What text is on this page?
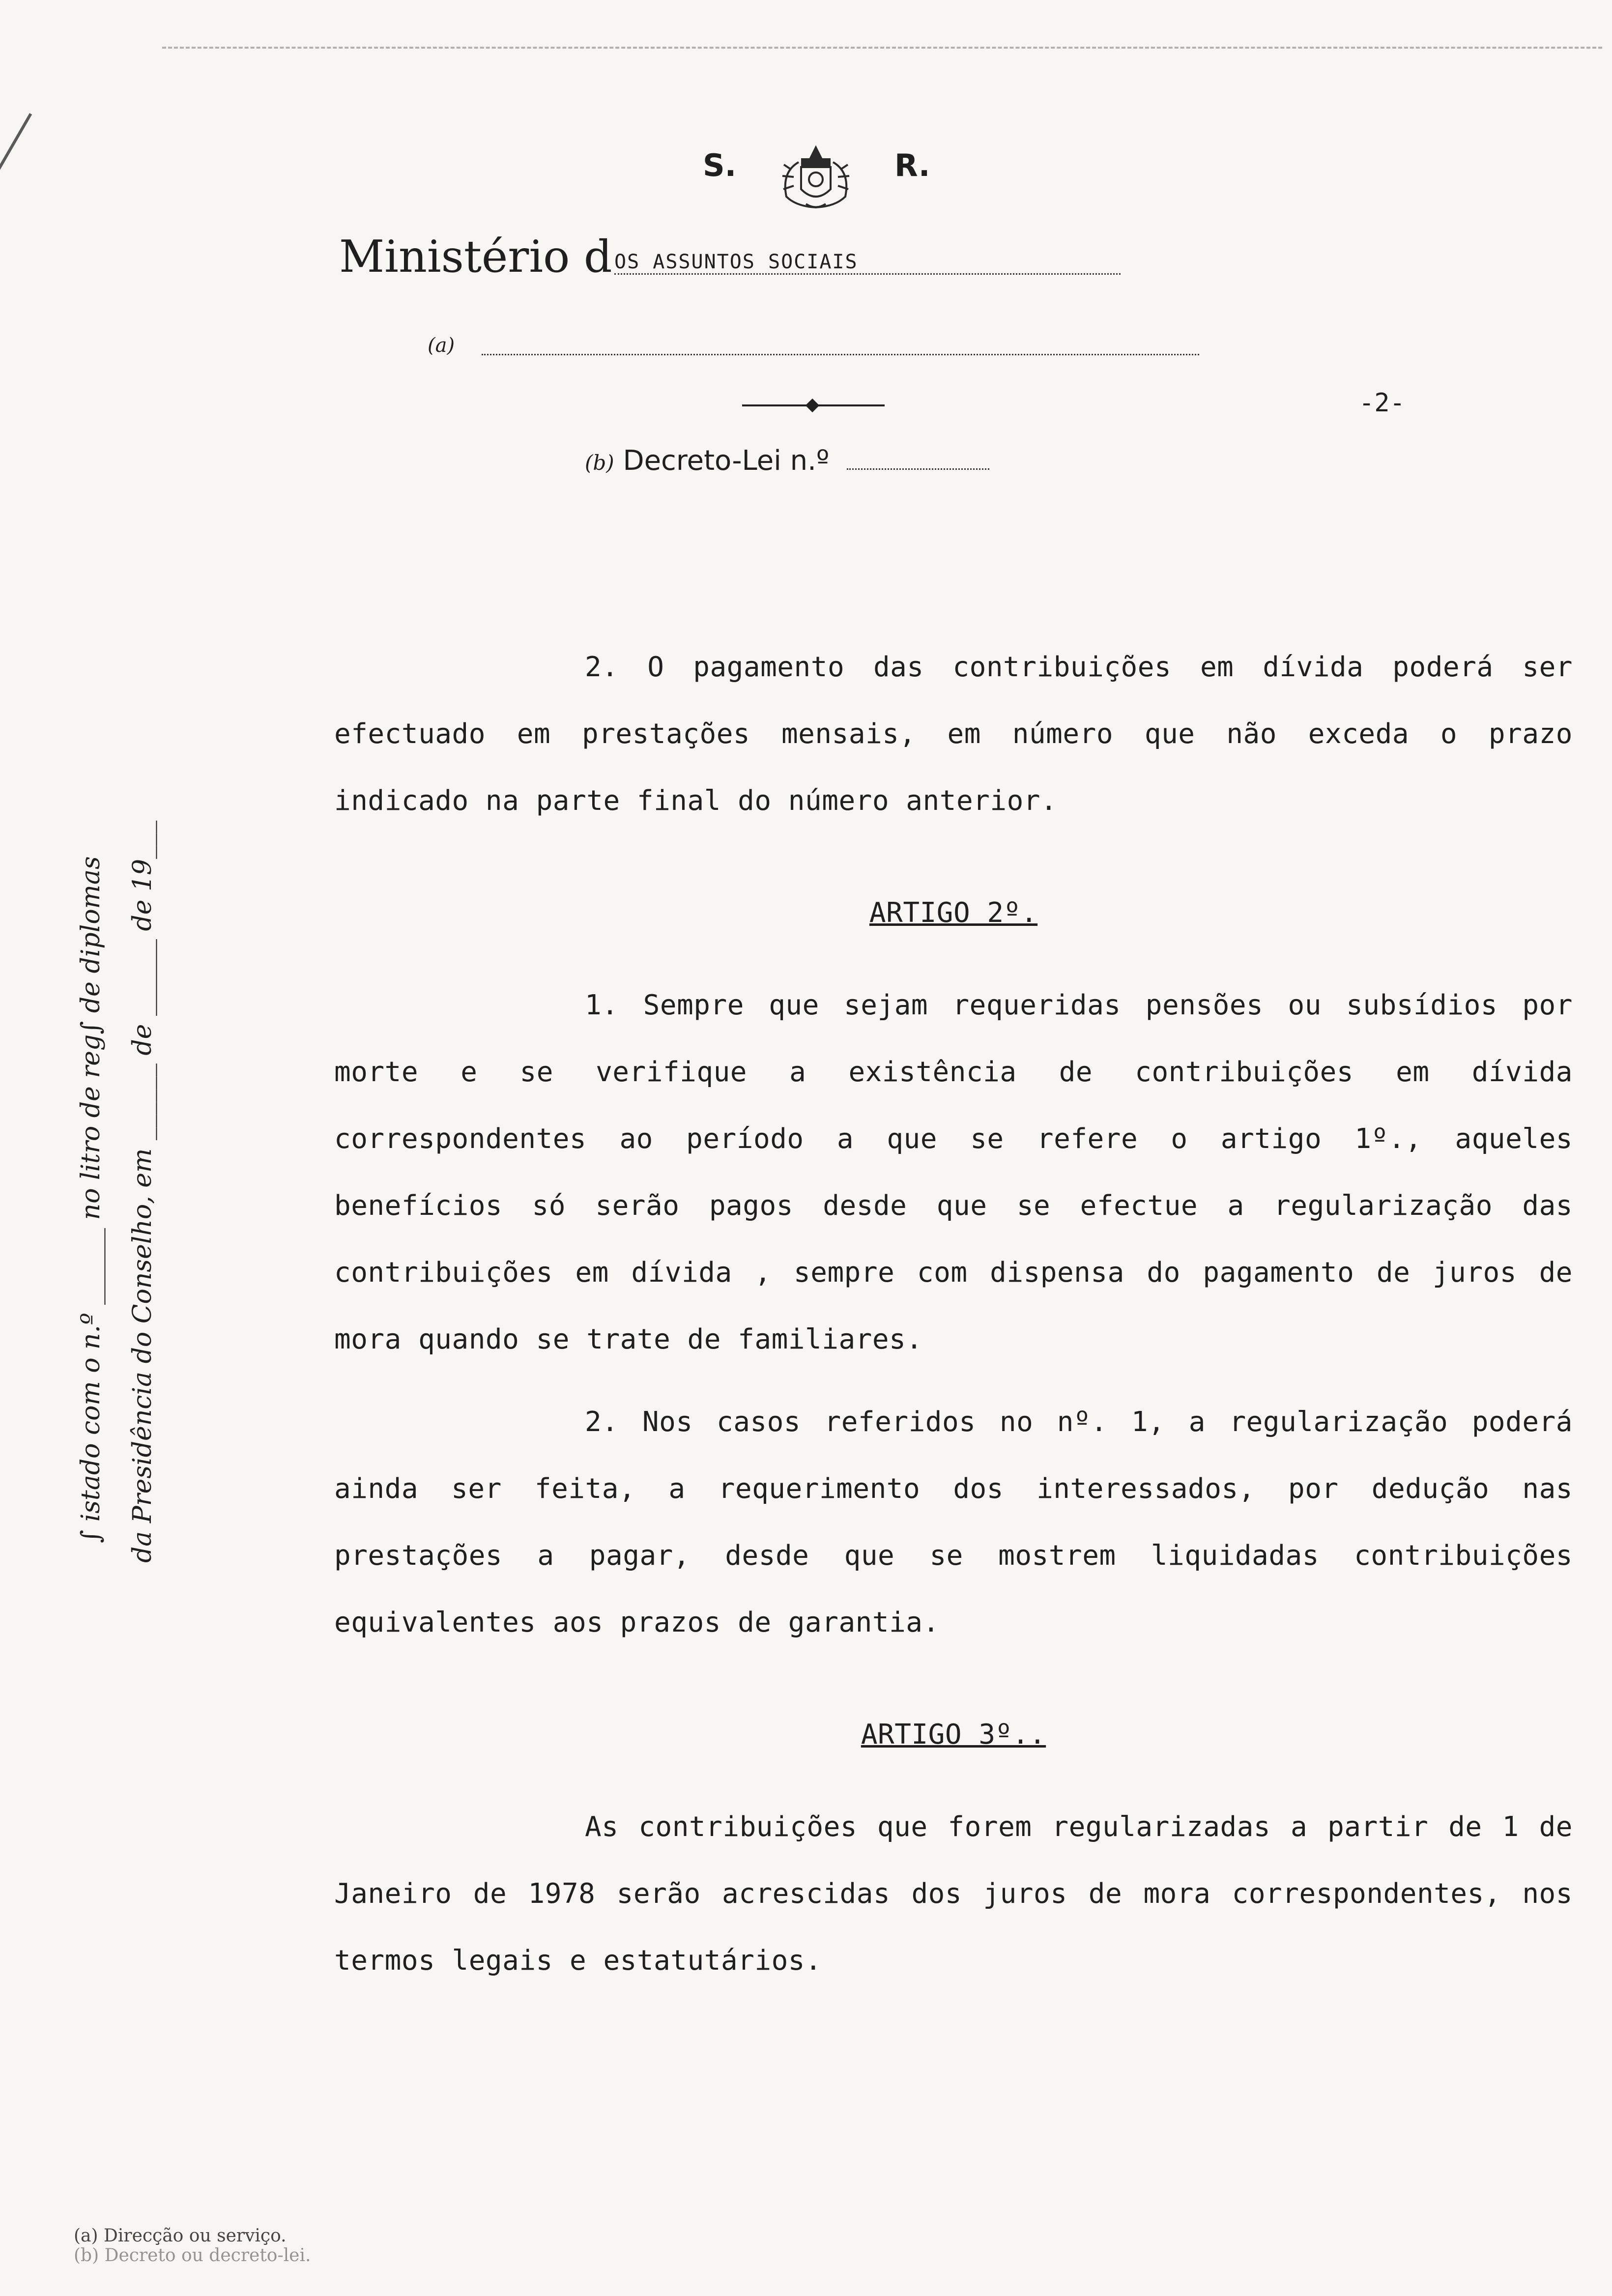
S.	R.
Ministério d OS ASSUNTOS SOCIAIS
(a)
-2-
(b) Decreto-Lei n.º
∫ istado com o n.º ______ no litro de reg∫ de diplomas da Presidência do Conselho, em ______ de ______ de 19___

2. O pagamento das contribuições em dívida poderá ser efectuado em prestações mensais, em número que não exceda o prazo indicado na parte final do número anterior.

ARTIGO 2º.

1. Sempre que sejam requeridas pensões ou subsídios por morte e se verifique a existência de contribuições em dívida correspondentes ao período a que se refere o artigo 1º., aqueles benefícios só serão pagos desde que se efectue a regularização das contribuições em dívida , sempre com dispensa do pagamento de juros de mora quando se trate de familiares.

2. Nos casos referidos no nº. 1, a regularização poderá ainda ser feita, a requerimento dos interessados, por dedução nas prestações a pagar, desde que se mostrem liquidadas contribuições equivalentes aos prazos de garantia.

ARTIGO 3º..

As contribuições que forem regularizadas a partir de 1 de Janeiro de 1978 serão acrescidas dos juros de mora correspondentes, nos termos legais e estatutários.

(a) Direcção ou serviço.
(b) Decreto ou decreto-lei.
